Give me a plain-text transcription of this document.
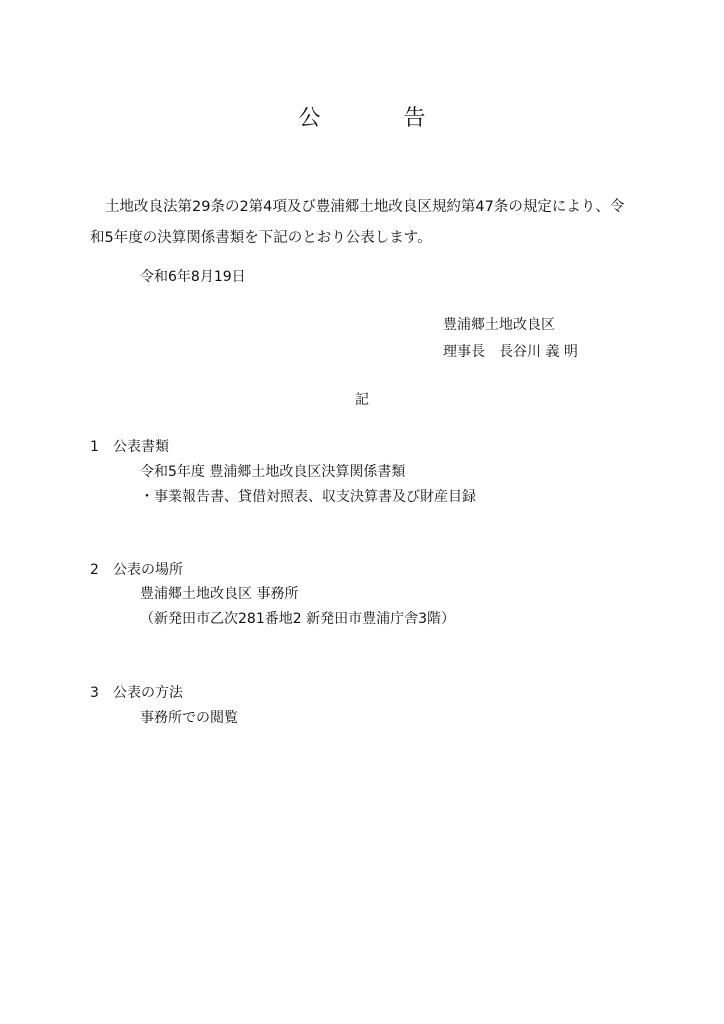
公 告
土地改良法第29条の2第4項及び豊浦郷土地改良区規約第47条の規定により、令和5年度の決算関係書類を下記のとおり公表します。
令和6年8月19日
豊浦郷土地改良区
理事長　長谷川 義 明
記
1 公表書類
令和5年度 豊浦郷土地改良区決算関係書類
・事業報告書、貸借対照表、収支決算書及び財産目録
2 公表の場所
豊浦郷土地改良区 事務所
（新発田市乙次281番地2 新発田市豊浦庁舎3階）
3 公表の方法
事務所での閲覧
